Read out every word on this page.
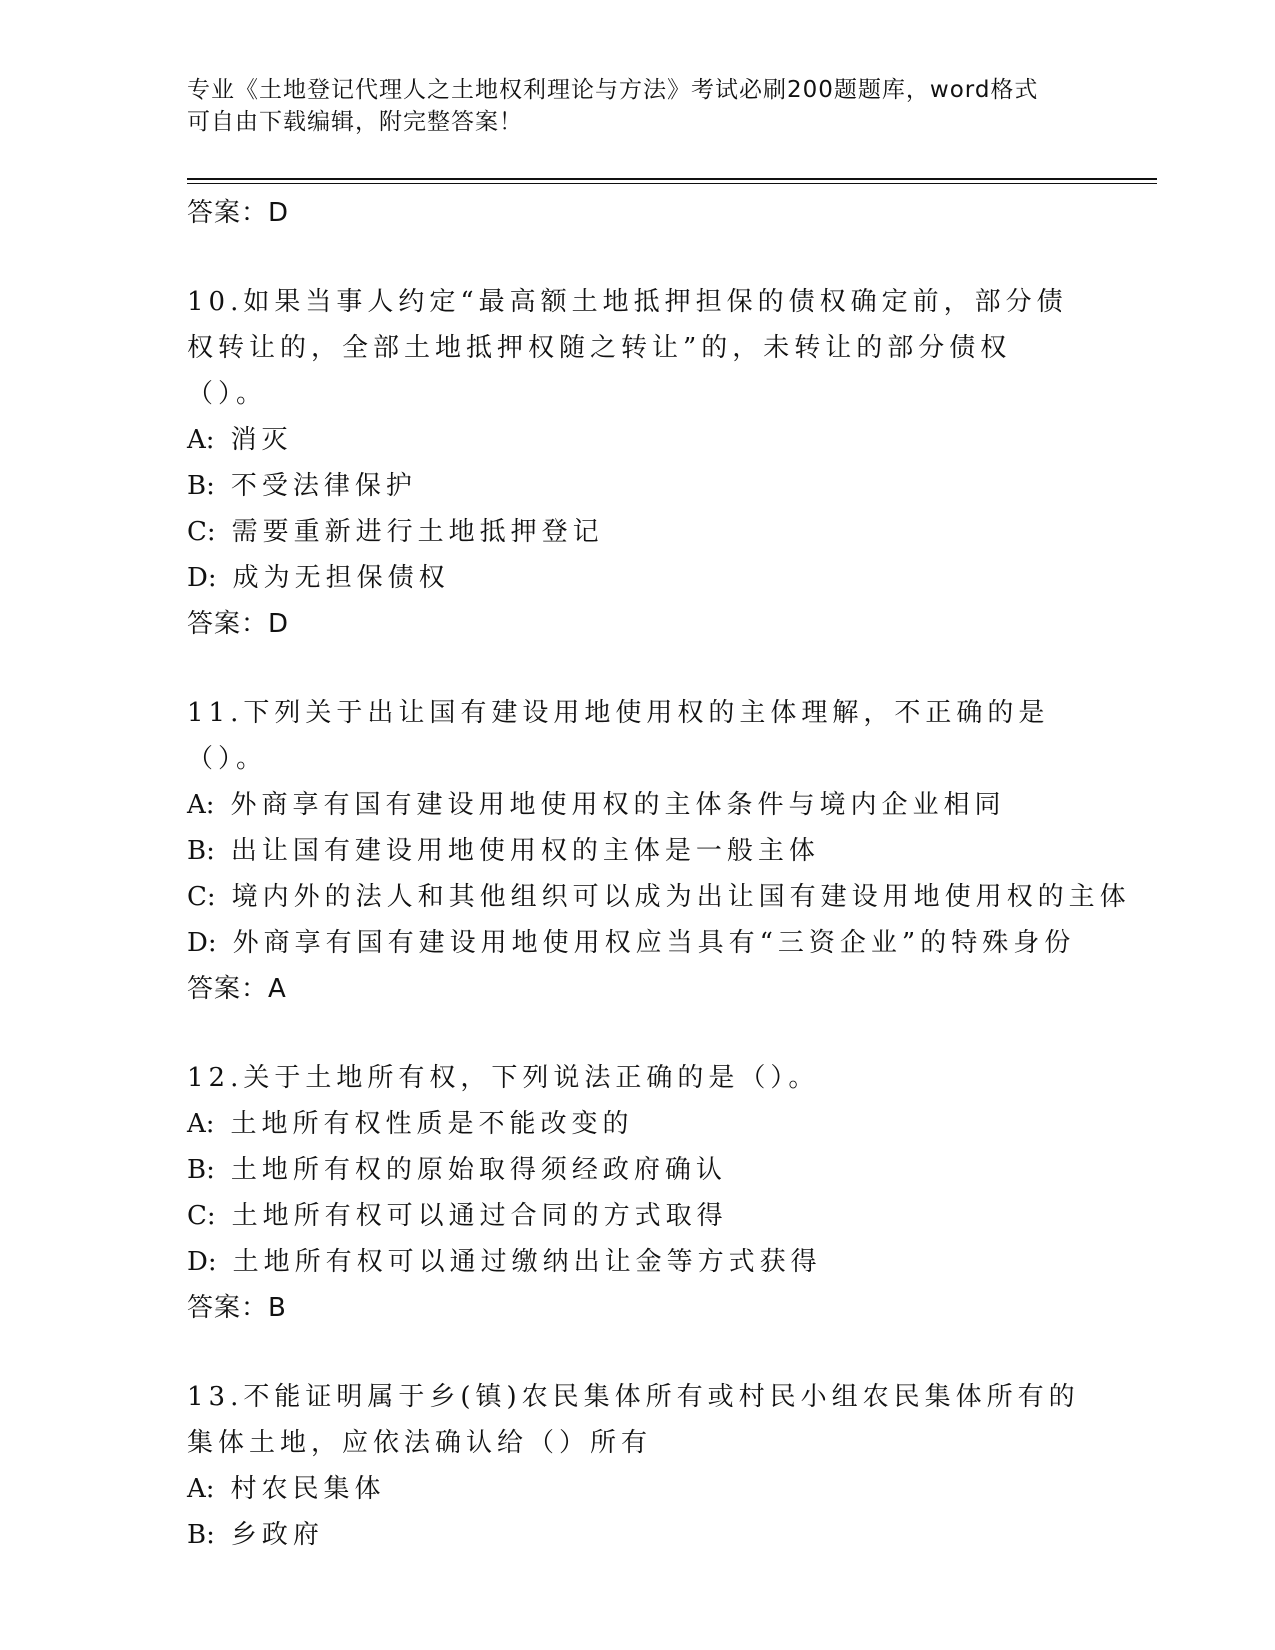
专业《土地登记代理人之土地权利理论与方法》考试必刷200题题库，word格式
可自由下载编辑，附完整答案！

答案：D

10.如果当事人约定“最高额土地抵押担保的债权确定前，部分债权转让的，全部土地抵押权随之转让”的，未转让的部分债权（）。

A: 消灭

B: 不受法律保护

C: 需要重新进行土地抵押登记

D: 成为无担保债权

答案：D

11.下列关于出让国有建设用地使用权的主体理解，不正确的是（）。

A: 外商享有国有建设用地使用权的主体条件与境内企业相同

B: 出让国有建设用地使用权的主体是一般主体

C: 境内外的法人和其他组织可以成为出让国有建设用地使用权的主体

D: 外商享有国有建设用地使用权应当具有“三资企业”的特殊身份

答案：A

12.关于土地所有权，下列说法正确的是（）。

A: 土地所有权性质是不能改变的

B: 土地所有权的原始取得须经政府确认

C: 土地所有权可以通过合同的方式取得

D: 土地所有权可以通过缴纳出让金等方式获得

答案：B

13.不能证明属于乡(镇)农民集体所有或村民小组农民集体所有的集体土地，应依法确认给（）所有

A: 村农民集体

B: 乡政府
